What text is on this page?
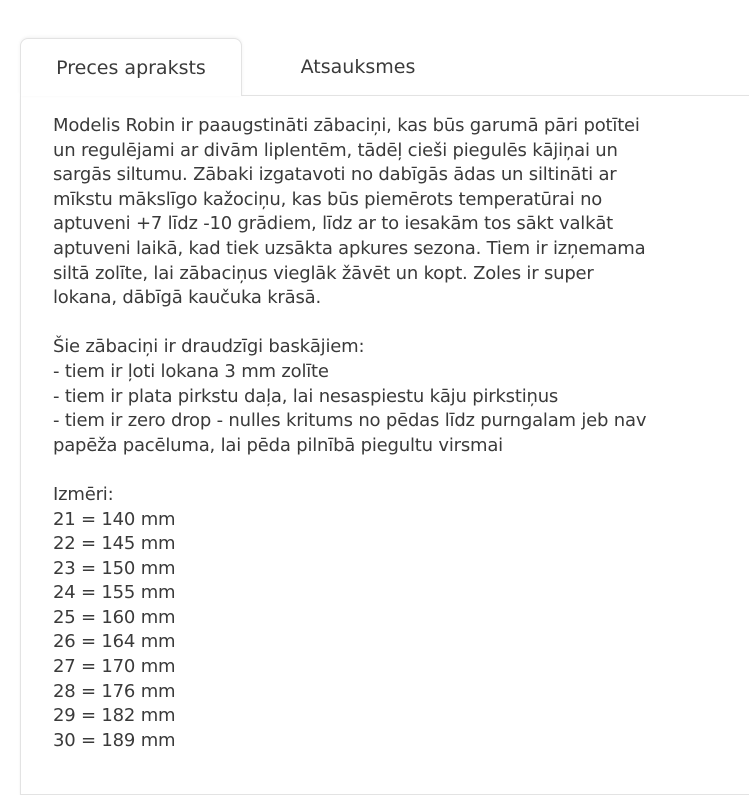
Preces apraksts	Atsauksmes

Modelis Robin ir paaugstināti zābaciņi, kas būs garumā pāri potītei

un regulējami ar divām liplentēm, tādēļ cieši piegulēs kājiņai un

sargās siltumu. Zābaki izgatavoti no dabīgās ādas un siltināti ar

mīkstu mākslīgo kažociņu, kas būs piemērots temperatūrai no

aptuveni +7 līdz -10 grādiem, līdz ar to iesakām tos sākt valkāt

aptuveni laikā, kad tiek uzsākta apkures sezona. Tiem ir izņemama

siltā zolīte, lai zābaciņus vieglāk žāvēt un kopt. Zoles ir super

lokana, dābīgā kaučuka krāsā.

Šie zābaciņi ir draudzīgi baskājiem:

- tiem ir ļoti lokana 3 mm zolīte

- tiem ir plata pirkstu daļa, lai nesaspiestu kāju pirkstiņus

- tiem ir zero drop - nulles kritums no pēdas līdz purngalam jeb nav

papēža pacēluma, lai pēda pilnībā piegultu virsmai

Izmēri:

21 = 140 mm

22 = 145 mm

23 = 150 mm

24 = 155 mm

25 = 160 mm

26 = 164 mm

27 = 170 mm

28 = 176 mm

29 = 182 mm

30 = 189 mm
